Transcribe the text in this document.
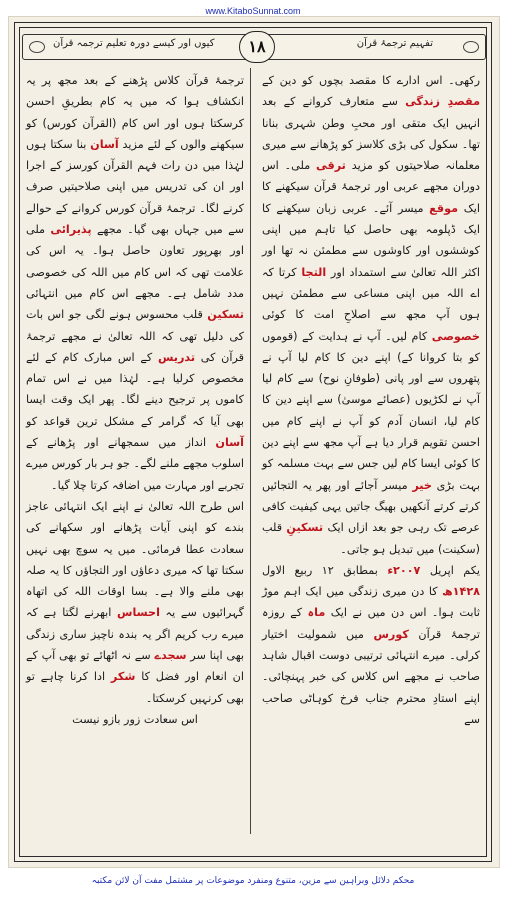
www.KitaboSunnat.com
تفہیم ترجمۂ قرآن
١٨
کیوں اور کیسے دورہ تعلیم ترجمہ قرآن

رکھی۔ اس ادارے کا مقصد بچوں کو دین کے مقصدِ زندگی سے متعارف کروانے کے بعد انہیں ایک متقی اور محبِ وطن شہری بنانا تھا۔ سکول کی بڑی کلاسز کو پڑھانے سے میری معلمانہ صلاحیتوں کو مزید ترقی ملی۔ اس دوران مجھے عربی اور ترجمۂ قرآن سیکھنے کا ایک موقع میسر آئے۔ عربی زبان سیکھنے کا ایک ڈپلومہ بھی حاصل کیا تاہم میں اپنی کوششوں اور کاوشوں سے مطمئن نہ تھا اور اکثر اللہ تعالیٰ سے استمداد اور التجا کرتا کہ اے اللہ میں اپنی مساعی سے مطمئن نہیں ہوں آپ مجھ سے اصلاحِ امت کا کوئی خصوصی کام لیں۔ آپ نے ہدایت کے (قوموں کو بتا کروانا کے) اپنے دین کا کام لیا آپ نے پتھروں سے اور پانی (طوفانِ نوح) سے کام لیا آپ نے لکڑیوں (عصائے موسیٰ) سے اپنے دین کا کام لیا، انسان آدم کو آپ نے اپنے کام میں احسن تقویم قرار دیا ہے آپ مجھ سے اپنے دین کا کوئی ایسا کام لیں جس سے بہت مسلمہ کو بہت بڑی خیر میسر آجائے اور پھر یہ التجائیں کرتے کرتے آنکھیں بھیگ جاتیں یہی کیفیت کافی عرصے تک رہی جو بعد ازاں ایک تسکینِ قلب (سکینت) میں تبدیل ہو جاتی۔

یکم اپریل ۲۰۰۷ء بمطابق ۱۲ ربیع الاول ۱۴۲۸ھ کا دن میری زندگی میں ایک اہم موڑ ثابت ہوا۔ اس دن میں نے ایک ماہ کے روزہ ترجمۂ قرآن کورس میں شمولیت اختیار کرلی۔ میرے انتہائی ترتیبی دوست اقبال شاہد صاحب نے مجھے اس کلاس کی خبر پہنچائی۔ اپنے استادِ محترم جناب فرخ کوہاٹی صاحب سے

ترجمۂ قرآن کلاس پڑھنے کے بعد مجھ پر یہ انکشاف ہوا کہ میں یہ کام بطریقِ احسن کرسکتا ہوں اور اس کام (القرآن کورس) کو سیکھنے والوں کے لئے مزید آسان بنا سکتا ہوں لہٰذا میں دن رات فہم القرآن کورسز کے اجرا اور ان کی تدریس میں اپنی صلاحیتیں صرف کرنے لگا۔ ترجمۂ قرآن کورس کروانے کے حوالے سے میں جہاں بھی گیا۔ مجھے پذیرائی ملی اور بھرپور تعاون حاصل ہوا۔ یہ اس کی علامت تھی کہ اس کام میں اللہ کی خصوصی مدد شامل ہے۔ مجھے اس کام میں انتہائی تسکین قلب محسوس ہونے لگی جو اس بات کی دلیل تھی کہ اللہ تعالیٰ نے مجھے ترجمۂ قرآن کی تدریس کے اس مبارک کام کے لئے مخصوص کرلیا ہے۔ لہٰذا میں نے اس تمام کاموں پر ترجیح دینے لگا۔ پھر ایک وقت ایسا بھی آیا کہ گرامر کے مشکل ترین قواعد کو آسان انداز میں سمجھانے اور پڑھانے کے اسلوب مجھے ملنے لگے۔ جو ہر بار کورس میرے تجربے اور مہارت میں اضافہ کرتا چلا گیا۔

اس طرح اللہ تعالیٰ نے اپنے ایک انتہائی عاجز بندے کو اپنی آیات پڑھانے اور سکھانے کی سعادت عطا فرمائی۔ میں یہ سوچ بھی نہیں سکتا تھا کہ میری دعاؤں اور التجاؤں کا یہ صلہ بھی ملنے والا ہے۔ بسا اوقات اللہ کی اتھاہ گہرائیوں سے یہ احساس ابھرنے لگتا ہے کہ میرے رب کریم اگر یہ بندہ ناچیز ساری زندگی بھی اپنا سر سجدے سے نہ اٹھائے تو بھی آپ کے ان انعام اور فضل کا شکر ادا کرنا چاہے تو بھی کرنہیں کرسکتا۔

اس سعادت زور بازو نیست

محکم دلائل وبراہین سے مزین، متنوع ومنفرد موضوعات پر مشتمل مفت آن لائن مکتبہ
